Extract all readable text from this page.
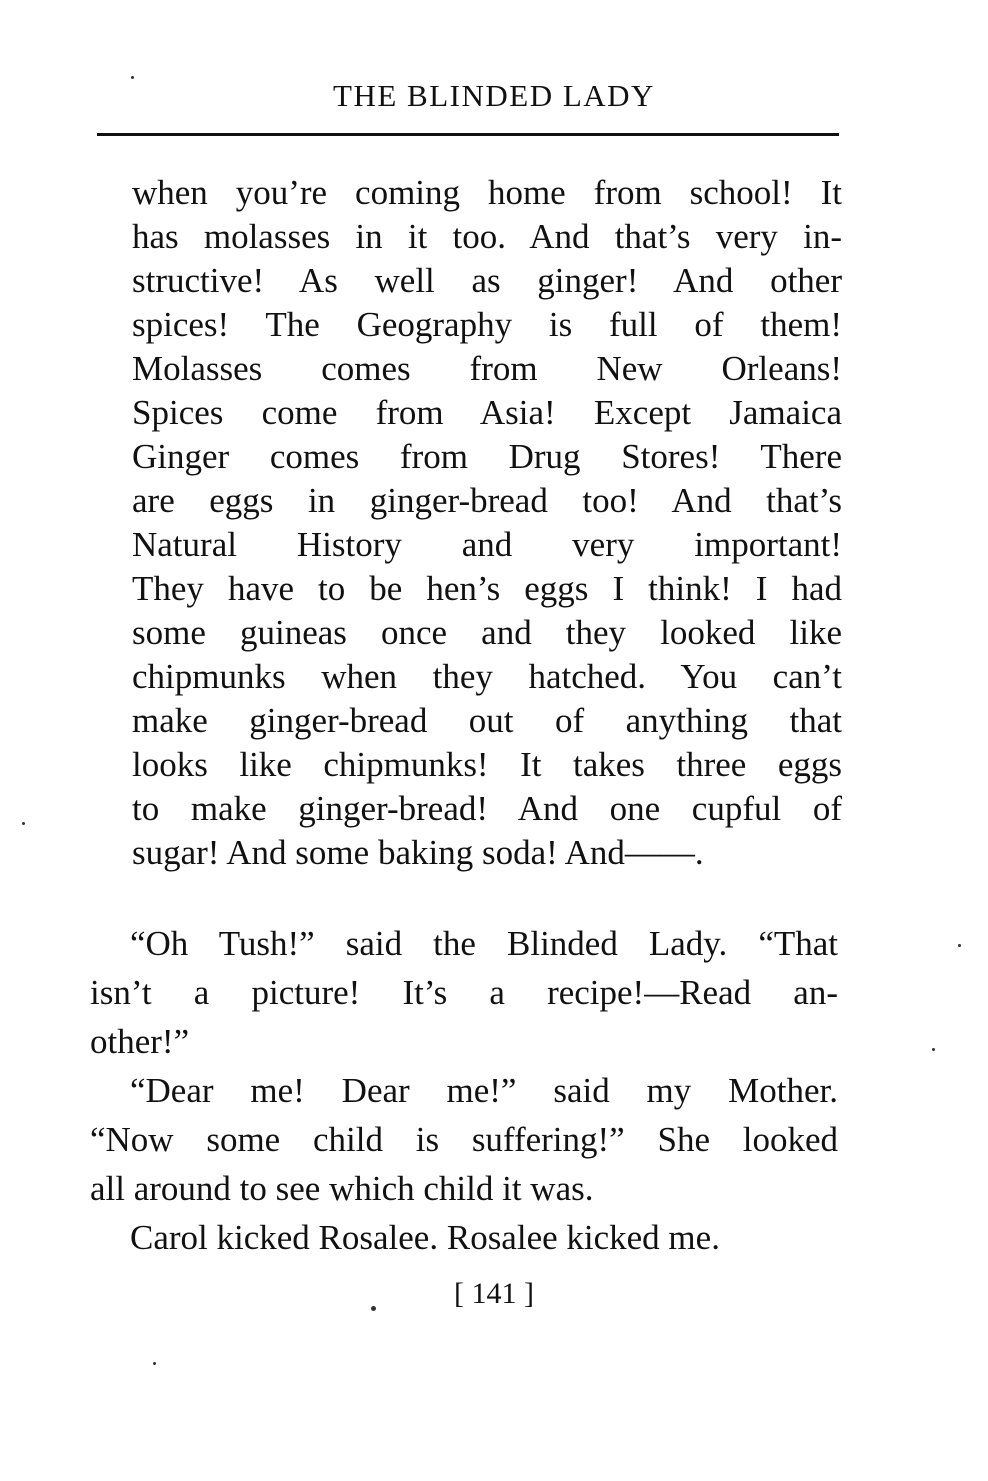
THE BLINDED LADY
when you’re coming home from school! It
has molasses in it too. And that’s very in-
structive! As well as ginger! And other
spices! The Geography is full of them!
Molasses comes from New Orleans!
Spices come from Asia! Except Jamaica
Ginger comes from Drug Stores! There
are eggs in ginger-bread too! And that’s
Natural History and very important!
They have to be hen’s eggs I think! I had
some guineas once and they looked like
chipmunks when they hatched. You can’t
make ginger-bread out of anything that
looks like chipmunks! It takes three eggs
to make ginger-bread! And one cupful of
sugar! And some baking soda! And——.
“Oh Tush!” said the Blinded Lady. “That
isn’t a picture! It’s a recipe!—Read an-
other!”
“Dear me! Dear me!” said my Mother.
“Now some child is suffering!” She looked
all around to see which child it was.
Carol kicked Rosalee. Rosalee kicked me.
[ 141 ]
